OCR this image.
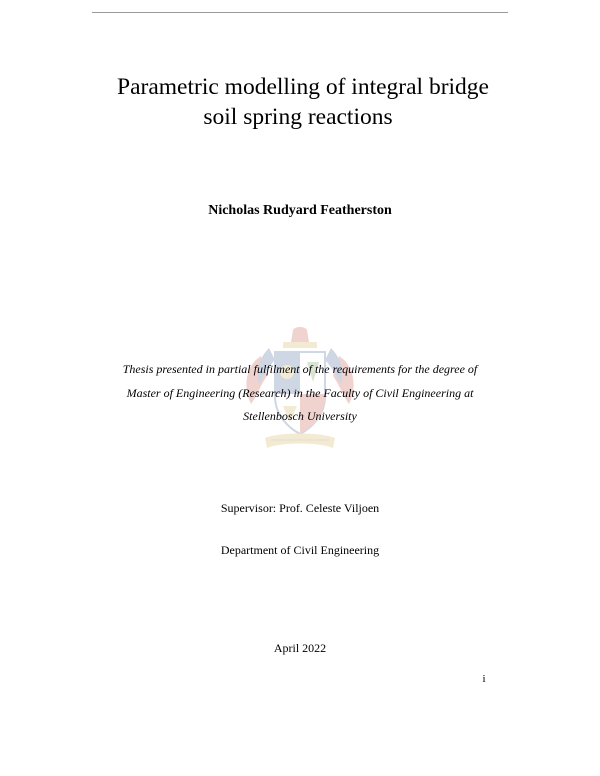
Parametric modelling of integral bridge
soil spring reactions
Nicholas Rudyard Featherston
Thesis presented in partial fulfilment of the requirements for the degree of
Master of Engineering (Research) in the Faculty of Civil Engineering at
Stellenbosch University
Supervisor: Prof. Celeste Viljoen
Department of Civil Engineering
April 2022
i
